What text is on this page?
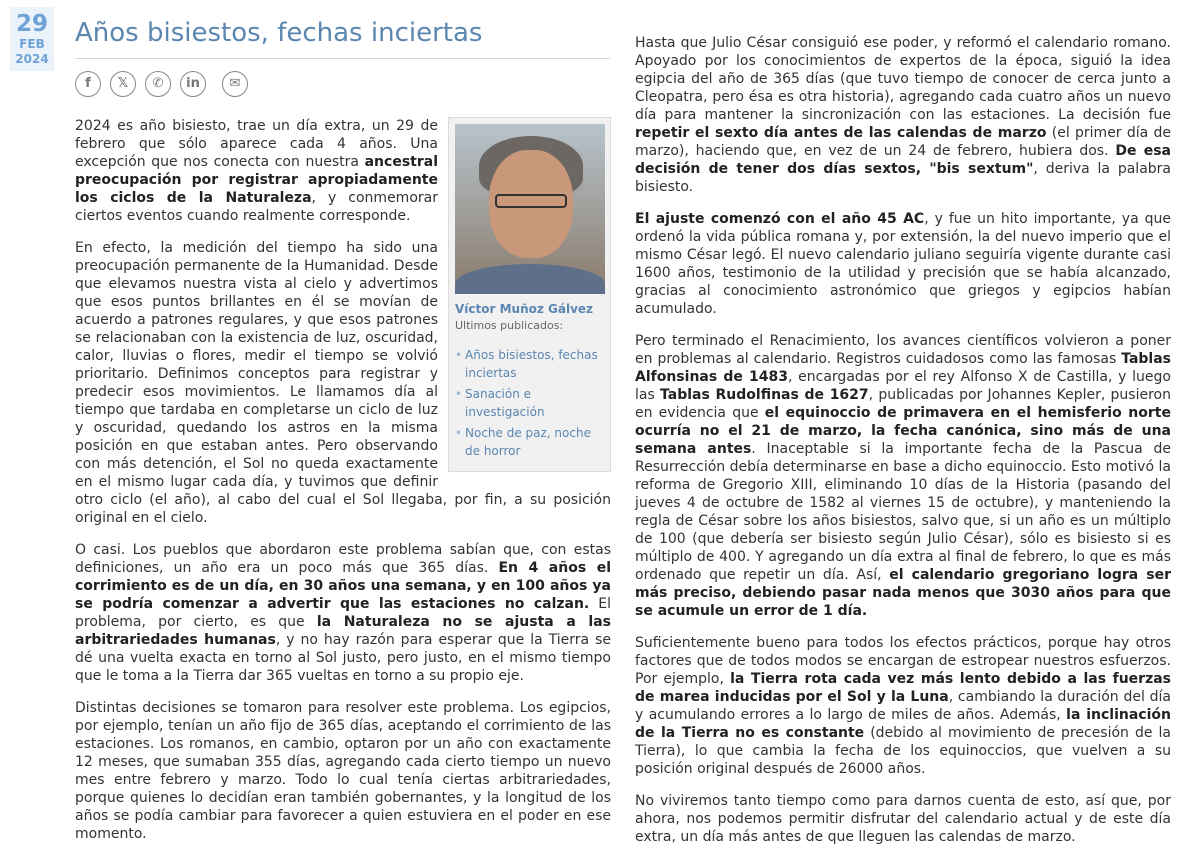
29
FEB
2024
Años bisiestos, fechas inciertas
f	𝕏	✆	in	✉
Víctor Muñoz Gálvez
Ultimos publicados:
• Años bisiestos, fechas inciertas
• Sanación e investigación
• Noche de paz, noche de horror

2024 es año bisiesto, trae un día extra, un 29 de febrero que sólo aparece cada 4 años. Una excepción que nos conecta con nuestra ancestral preocupación por registrar apropiadamente los ciclos de la Naturaleza, y conmemorar ciertos eventos cuando realmente corresponde.

En efecto, la medición del tiempo ha sido una preocupación permanente de la Humanidad. Desde que elevamos nuestra vista al cielo y advertimos que esos puntos brillantes en él se movían de acuerdo a patrones regulares, y que esos patrones se relacionaban con la existencia de luz, oscuridad, calor, lluvias o flores, medir el tiempo se volvió prioritario. Definimos conceptos para registrar y predecir esos movimientos. Le llamamos día al tiempo que tardaba en completarse un ciclo de luz y oscuridad, quedando los astros en la misma posición en que estaban antes. Pero observando con más detención, el Sol no queda exactamente en el mismo lugar cada día, y tuvimos que definir otro ciclo (el año), al cabo del cual el Sol llegaba, por fin, a su posición original en el cielo.

O casi. Los pueblos que abordaron este problema sabían que, con estas definiciones, un año era un poco más que 365 días. En 4 años el corrimiento es de un día, en 30 años una semana, y en 100 años ya se podría comenzar a advertir que las estaciones no calzan. El problema, por cierto, es que la Naturaleza no se ajusta a las arbitrariedades humanas, y no hay razón para esperar que la Tierra se dé una vuelta exacta en torno al Sol justo, pero justo, en el mismo tiempo que le toma a la Tierra dar 365 vueltas en torno a su propio eje.

Distintas decisiones se tomaron para resolver este problema. Los egipcios, por ejemplo, tenían un año fijo de 365 días, aceptando el corrimiento de las estaciones. Los romanos, en cambio, optaron por un año con exactamente 12 meses, que sumaban 355 días, agregando cada cierto tiempo un nuevo mes entre febrero y marzo. Todo lo cual tenía ciertas arbitrariedades, porque quienes lo decidían eran también gobernantes, y la longitud de los años se podía cambiar para favorecer a quien estuviera en el poder en ese momento.

Hasta que Julio César consiguió ese poder, y reformó el calendario romano. Apoyado por los conocimientos de expertos de la época, siguió la idea egipcia del año de 365 días (que tuvo tiempo de conocer de cerca junto a Cleopatra, pero ésa es otra historia), agregando cada cuatro años un nuevo día para mantener la sincronización con las estaciones. La decisión fue repetir el sexto día antes de las calendas de marzo (el primer día de marzo), haciendo que, en vez de un 24 de febrero, hubiera dos. De esa decisión de tener dos días sextos, "bis sextum", deriva la palabra bisiesto.

El ajuste comenzó con el año 45 AC, y fue un hito importante, ya que ordenó la vida pública romana y, por extensión, la del nuevo imperio que el mismo César legó. El nuevo calendario juliano seguiría vigente durante casi 1600 años, testimonio de la utilidad y precisión que se había alcanzado, gracias al conocimiento astronómico que griegos y egipcios habían acumulado.

Pero terminado el Renacimiento, los avances científicos volvieron a poner en problemas al calendario. Registros cuidadosos como las famosas Tablas Alfonsinas de 1483, encargadas por el rey Alfonso X de Castilla, y luego las Tablas Rudolfinas de 1627, publicadas por Johannes Kepler, pusieron en evidencia que el equinoccio de primavera en el hemisferio norte ocurría no el 21 de marzo, la fecha canónica, sino más de una semana antes. Inaceptable si la importante fecha de la Pascua de Resurrección debía determinarse en base a dicho equinoccio. Esto motivó la reforma de Gregorio XIII, eliminando 10 días de la Historia (pasando del jueves 4 de octubre de 1582 al viernes 15 de octubre), y manteniendo la regla de César sobre los años bisiestos, salvo que, si un año es un múltiplo de 100 (que debería ser bisiesto según Julio César), sólo es bisiesto si es múltiplo de 400. Y agregando un día extra al final de febrero, lo que es más ordenado que repetir un día. Así, el calendario gregoriano logra ser más preciso, debiendo pasar nada menos que 3030 años para que se acumule un error de 1 día.

Suficientemente bueno para todos los efectos prácticos, porque hay otros factores que de todos modos se encargan de estropear nuestros esfuerzos. Por ejemplo, la Tierra rota cada vez más lento debido a las fuerzas de marea inducidas por el Sol y la Luna, cambiando la duración del día y acumulando errores a lo largo de miles de años. Además, la inclinación de la Tierra no es constante (debido al movimiento de precesión de la Tierra), lo que cambia la fecha de los equinoccios, que vuelven a su posición original después de 26000 años.

No viviremos tanto tiempo como para darnos cuenta de esto, así que, por ahora, nos podemos permitir disfrutar del calendario actual y de este día extra, un día más antes de que lleguen las calendas de marzo.
